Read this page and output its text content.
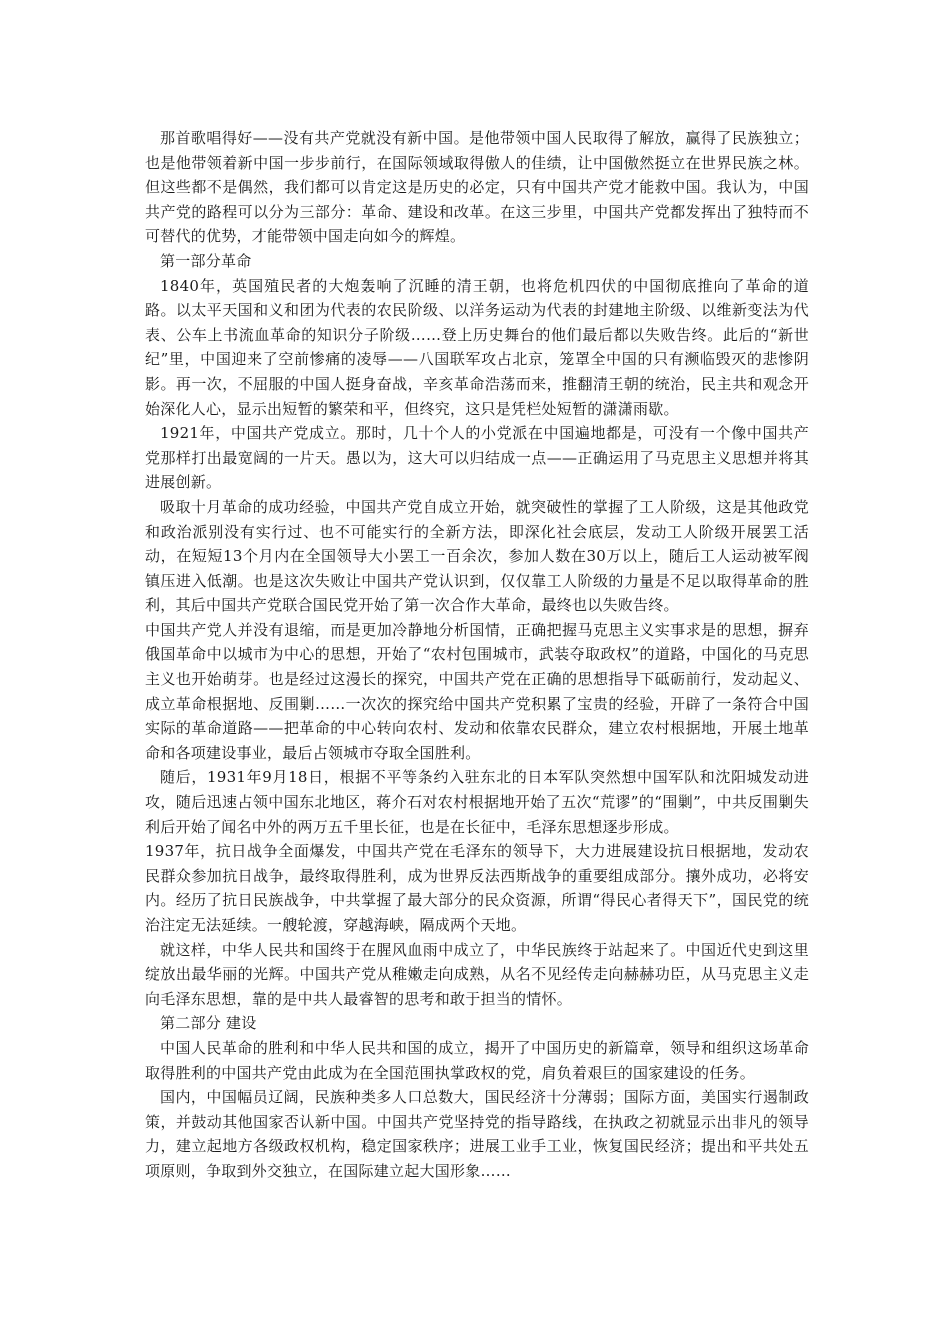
那首歌唱得好——没有共产党就没有新中国。是他带领中国人民取得了解放，赢得了民族独立；也是他带领着新中国一步步前行，在国际领域取得傲人的佳绩，让中国傲然挺立在世界民族之林。但这些都不是偶然，我们都可以肯定这是历史的必定，只有中国共产党才能救中国。我认为，中国共产党的路程可以分为三部分：革命、建设和改革。在这三步里，中国共产党都发挥出了独特而不可替代的优势，才能带领中国走向如今的辉煌。

第一部分革命

1840年，英国殖民者的大炮轰响了沉睡的清王朝，也将危机四伏的中国彻底推向了革命的道路。以太平天国和义和团为代表的农民阶级、以洋务运动为代表的封建地主阶级、以维新变法为代表、公车上书流血革命的知识分子阶级……登上历史舞台的他们最后都以失败告终。此后的“新世纪”里，中国迎来了空前惨痛的凌辱——八国联军攻占北京，笼罩全中国的只有濒临毁灭的悲惨阴影。再一次，不屈服的中国人挺身奋战，辛亥革命浩荡而来，推翻清王朝的统治，民主共和观念开始深化人心，显示出短暂的繁荣和平，但终究，这只是凭栏处短暂的潇潇雨歇。

1921年，中国共产党成立。那时，几十个人的小党派在中国遍地都是，可没有一个像中国共产党那样打出最宽阔的一片天。愚以为，这大可以归结成一点——正确运用了马克思主义思想并将其进展创新。

吸取十月革命的成功经验，中国共产党自成立开始，就突破性的掌握了工人阶级，这是其他政党和政治派别没有实行过、也不可能实行的全新方法，即深化社会底层，发动工人阶级开展罢工活动，在短短13个月内在全国领导大小罢工一百余次，参加人数在30万以上，随后工人运动被军阀镇压进入低潮。也是这次失败让中国共产党认识到，仅仅靠工人阶级的力量是不足以取得革命的胜利，其后中国共产党联合国民党开始了第一次合作大革命，最终也以失败告终。

中国共产党人并没有退缩，而是更加冷静地分析国情，正确把握马克思主义实事求是的思想，摒弃俄国革命中以城市为中心的思想，开始了“农村包围城市，武装夺取政权”的道路，中国化的马克思主义也开始萌芽。也是经过这漫长的探究，中国共产党在正确的思想指导下砥砺前行，发动起义、成立革命根据地、反围剿……一次次的探究给中国共产党积累了宝贵的经验，开辟了一条符合中国实际的革命道路——把革命的中心转向农村、发动和依靠农民群众，建立农村根据地，开展土地革命和各项建设事业，最后占领城市夺取全国胜利。

随后，1931年9月18日，根据不平等条约入驻东北的日本军队突然想中国军队和沈阳城发动进攻，随后迅速占领中国东北地区，蒋介石对农村根据地开始了五次“荒谬”的“围剿”，中共反围剿失利后开始了闻名中外的两万五千里长征，也是在长征中，毛泽东思想逐步形成。

1937年，抗日战争全面爆发，中国共产党在毛泽东的领导下，大力进展建设抗日根据地，发动农民群众参加抗日战争，最终取得胜利，成为世界反法西斯战争的重要组成部分。攘外成功，必将安内。经历了抗日民族战争，中共掌握了最大部分的民众资源，所谓“得民心者得天下”，国民党的统治注定无法延续。一艘轮渡，穿越海峡，隔成两个天地。

就这样，中华人民共和国终于在腥风血雨中成立了，中华民族终于站起来了。中国近代史到这里绽放出最华丽的光辉。中国共产党从稚嫩走向成熟，从名不见经传走向赫赫功臣，从马克思主义走向毛泽东思想，靠的是中共人最睿智的思考和敢于担当的情怀。

第二部分 建设

中国人民革命的胜利和中华人民共和国的成立，揭开了中国历史的新篇章，领导和组织这场革命取得胜利的中国共产党由此成为在全国范围执掌政权的党，肩负着艰巨的国家建设的任务。

国内，中国幅员辽阔，民族种类多人口总数大，国民经济十分薄弱；国际方面，美国实行遏制政策，并鼓动其他国家否认新中国。中国共产党坚持党的指导路线，在执政之初就显示出非凡的领导力，建立起地方各级政权机构，稳定国家秩序；进展工业手工业，恢复国民经济；提出和平共处五项原则，争取到外交独立，在国际建立起大国形象……
